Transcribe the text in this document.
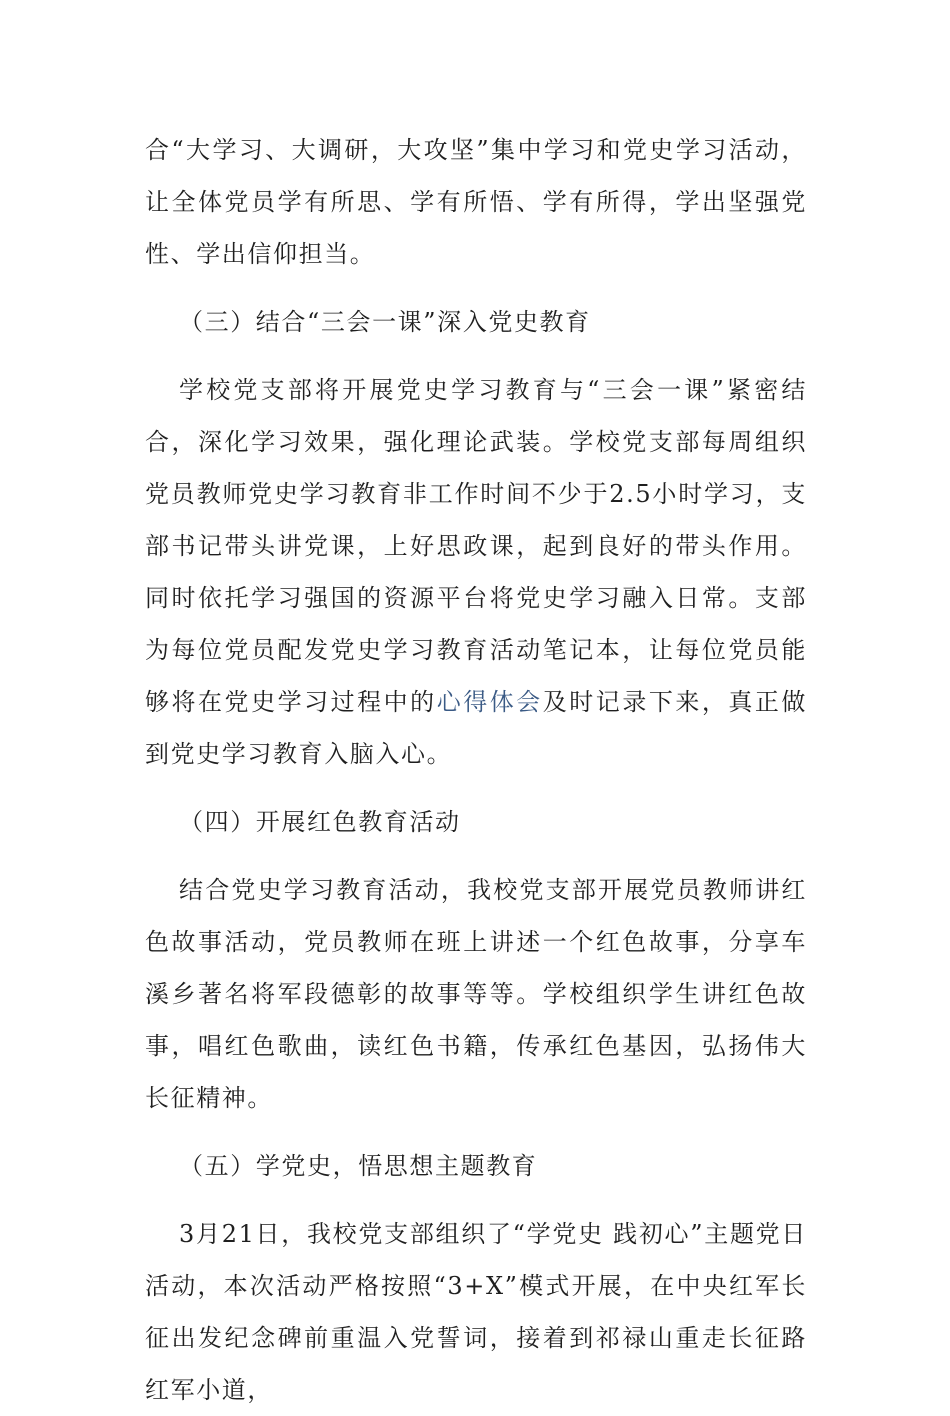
合“大学习、大调研，大攻坚”集中学习和党史学习活动，让全体党员学有所思、学有所悟、学有所得，学出坚强党性、学出信仰担当。

（三）结合“三会一课”深入党史教育

学校党支部将开展党史学习教育与“三会一课”紧密结合，深化学习效果，强化理论武装。学校党支部每周组织党员教师党史学习教育非工作时间不少于2.5小时学习，支部书记带头讲党课，上好思政课，起到良好的带头作用。同时依托学习强国的资源平台将党史学习融入日常。支部为每位党员配发党史学习教育活动笔记本，让每位党员能够将在党史学习过程中的心得体会及时记录下来，真正做到党史学习教育入脑入心。

（四）开展红色教育活动

结合党史学习教育活动，我校党支部开展党员教师讲红色故事活动，党员教师在班上讲述一个红色故事，分享车溪乡著名将军段德彰的故事等等。学校组织学生讲红色故事，唱红色歌曲，读红色书籍，传承红色基因，弘扬伟大长征精神。

（五）学党史，悟思想主题教育

3月21日，我校党支部组织了“学党史 践初心”主题党日活动，本次活动严格按照“3+X”模式开展，在中央红军长征出发纪念碑前重温入党誓词，接着到祁禄山重走长征路红军小道，
